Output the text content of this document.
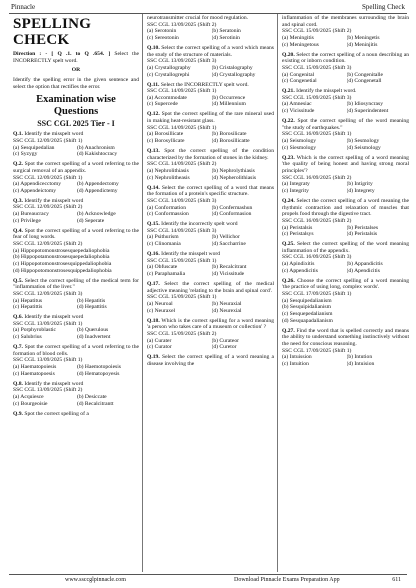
Pinnacle	Spelling Check
SPELLING CHECK
Direction : - [ Q .1. to Q .654. ] Select the INCORRECTLY spelt word.
OR
Identify the spelling error in the given sentence and select the option that rectifies the error.
Examination wise Questions
SSC CGL 2025 Tier - I
Q.1. Identify the misspelt word
SSC CGL 12/09/2025 (Shift 1)
(a) Sesquipedalian	(b) Anachronism
(c) Syzygy	(d) Kakishtocracy
Q.2. Spot the correct spelling of a word referring to the surgical removal of an appendix.
SSC CGL 12/09/2025 (Shift 1)
(a) Appendicecctomy	(b) Appendectomy
(c) Appendeictomy	(d) Appendictemy
Q.3. Identify the misspelt word
SSC CGL 12/09/2025 (Shift 2)
(a) Bureaucracy	(b) Acknowledge
(c) Privilege	(d) Seperate
Q.4. Spot the correct spelling of a word referring to the fear of long words.
SSC CGL 12/09/2025 (Shift 2)
(a) Hippopotomonstrosesquepedaliophobia
(b) Hippopotamonstrosesquepedaliophobia
(c) Hippopotomonstrosesquippedaliophobia
(d) Hippopotomonstrosesquippedaliophobia
Q.5. Select the correct spelling of the medical term for "inflammation of the liver."
SSC CGL 12/09/2025 (Shift 3)
(a) Hepatitus	(b) Hepatitis
(c) Hepatittis	(d) Hepattitis
Q.6. Identify the misspelt word
SSC CGL 13/09/2025 (Shift 1)
(a) Porphyroblastic	(b) Querulous
(c) Salubrius	(d) Inadvertent
Q.7. Spot the correct spelling of a word referring to the formation of blood cells.
SSC CGL 13/09/2025 (Shift 1)
(a) Haematopoiesis	(b) Haemotopoiesis
(c) Haematopoesis	(d) Hematopoyesis
Q.8. Identify the misspelt word
SSC CGL 13/09/2025 (Shift 2)
(a) Acquiesce	(b) Desiccate
(c) Bourgeoisie	(d) Recalcitrantt
Q.9. Spot the correct spelling of a
neurotransmitter crucial for mood regulation.
SSC CGL 13/09/2025 (Shift 2)
(a) Serotonin	(b) Seratonin
(c) Sereotonin	(d) Serotinin
Q.10. Select the correct spelling of a word which means the study of the structure of materials.
SSC CGL 13/09/2025 (Shift 3)
(a) Crystallography	(b) Cristalography
(c) Crystallogrephi	(d) Crystallography
Q.11. Select the INCORRECTLY spelt word.
SSC CGL 14/09/2025 (Shift 1)
(a) Accommodate	(b) Occurrence
(c) Supercede	(d) Millennium
Q.12. Spot the correct spelling of the rare mineral used in making heat-resistant glass.
SSC CGL 14/09/2025 (Shift 1)
(a) Borosillicate	(b) Borosilicate
(c) Borosyllicate	(d) Borosillicatte
Q.13. Spot the correct spelling of the condition characterized by the formation of stones in the kidney.
SSC CGL 14/09/2025 (Shift 2)
(a) Nephrolithiasis	(b) Nephrolythiasis
(c) Nephrolitheasis	(d) Nepherolithiasis
Q.14. Select the correct spelling of a word that means the formation of a protein's specific structure.
SSC CGL 14/09/2025 (Shift 3)
(a) Conformation	(b) Confermashun
(c) Conformassion	(d) Conformasion
Q.15. Identify the incorrectly spelt word
SSC CGL 14/09/2025 (Shift 3)
(a) Psithurism	(b) Vellichor
(c) Clinomania	(d) Saccharrine
Q.16. Identify the misspelt word
SSC CGL 15/09/2025 (Shift 1)
(a) Obfuscate	(b) Recalcitrant
(c) Paraphamalia	(d) Vicissitude
Q.17. Select the correct spelling of the medical adjective meaning 'relating to the brain and spinal cord'.
SSC CGL 15/09/2025 (Shift 1)
(a) Neuroal	(b) Neuraxial
(c) Neuraxel	(d) Neurexial
Q.18. Which is the correct spelling for a word meaning 'a person who takes care of a museum or collection' ?
SSC CGL 15/09/2025 (Shift 2)
(a) Curater	(b) Curateor
(c) Curator	(d) Curetor
Q.19. Select the correct spelling of a word meaning a disease involving the
inflammation of the membranes surrounding the brain and spinal cord.
SSC CGL 15/09/2025 (Shift 2)
(a) Meningitis	(b) Meningetis
(c) Meningetous	(d) Meninjitis
Q.20. Select the correct spelling of a noun describing an existing or inborn condition.
SSC CGL 15/09/2025 (Shift 3)
(a) Congenital	(b) Congenitalle
(c) Congenetial	(d) Congenetall
Q.21. Identify the misspelt word.
SSC CGL 15/09/2025 (Shift 3)
(a) Amnesiac	(b) Idiosyncrasy
(c) Vicissitude	(d) Superindentent
Q.22. Spot the correct spelling of the word meaning "the study of earthquakes."
SSC CGL 16/09/2025 (Shift 1)
(a) Seismology	(b) Sesmology
(c) Siesmology	(d) Seismology
Q.23. Which is the correct spelling of a word meaning 'the quality of being honest and having strong moral principles'?
SSC CGL 16/09/2025 (Shift 2)
(a) Integraty	(b) Intigrity
(c) Integrity	(d) Integrety
Q.24. Select the correct spelling of a word meaning the rhythmic contraction and relaxation of muscles that propels food through the digestive tract.
SSC CGL 16/09/2025 (Shift 2)
(a) Peristalsis	(b) Peristalses
(c) Peristalsys	(d) Peristalsis
Q.25. Select the correct spelling of the word meaning inflammation of the appendix.
SSC CGL 16/09/2025 (Shift 3)
(a) Apindixitis	(b) Appandicitis
(c) Appendicitis	(d) Apendicitis
Q.26. Choose the correct spelling of a word meaning 'the practice of using long, complex words'.
SSC CGL 17/09/2025 (Shift 1)
(a) Sesquipedalianism
(b) Sesquipidalianism
(c) Sesquepedalianism
(d) Sesquapadalianism
Q.27. Find the word that is spelled correctly and means the ability to understand something instinctively without the need for conscious reasoning.
SSC CGL 17/09/2025 (Shift 1)
(a) Intuission	(b) Intution
(c) Intuition	(d) Intuision
www.ssccglpinnacle.com	Download Pinnacle Exams Preparation App	611
